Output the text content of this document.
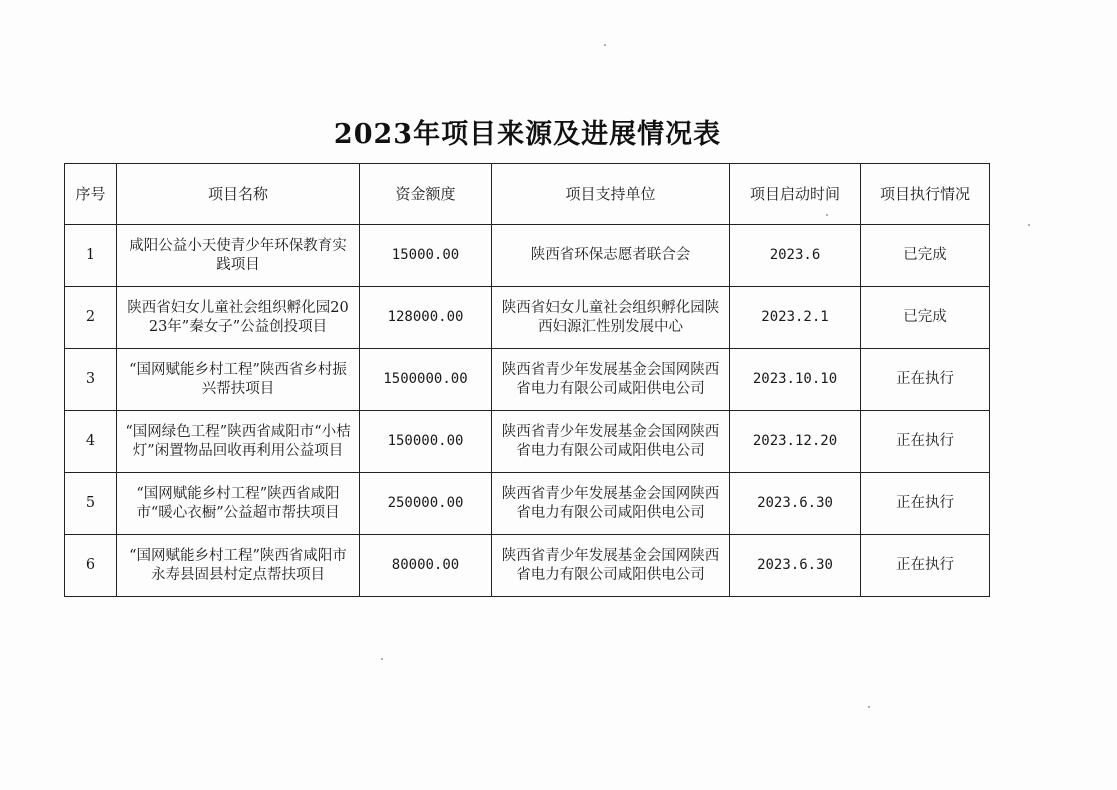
2023年项目来源及进展情况表
序号	项目名称	资金额度	项目支持单位	项目启动时间	项目执行情况
1	咸阳公益小天使青少年环保教育实践项目	15000.00	陕西省环保志愿者联合会	2023.6	已完成
2	陕西省妇女儿童社会组织孵化园2023年”秦女子”公益创投项目	128000.00	陕西省妇女儿童社会组织孵化园陕西妇源汇性别发展中心	2023.2.1	已完成
3	“国网赋能乡村工程”陕西省乡村振兴帮扶项目	1500000.00	陕西省青少年发展基金会国网陕西省电力有限公司咸阳供电公司	2023.10.10	正在执行
4	“国网绿色工程”陕西省咸阳市“小桔灯”闲置物品回收再利用公益项目	150000.00	陕西省青少年发展基金会国网陕西省电力有限公司咸阳供电公司	2023.12.20	正在执行
5	“国网赋能乡村工程”陕西省咸阳市“暖心衣橱”公益超市帮扶项目	250000.00	陕西省青少年发展基金会国网陕西省电力有限公司咸阳供电公司	2023.6.30	正在执行
6	“国网赋能乡村工程”陕西省咸阳市永寿县固县村定点帮扶项目	80000.00	陕西省青少年发展基金会国网陕西省电力有限公司咸阳供电公司	2023.6.30	正在执行
